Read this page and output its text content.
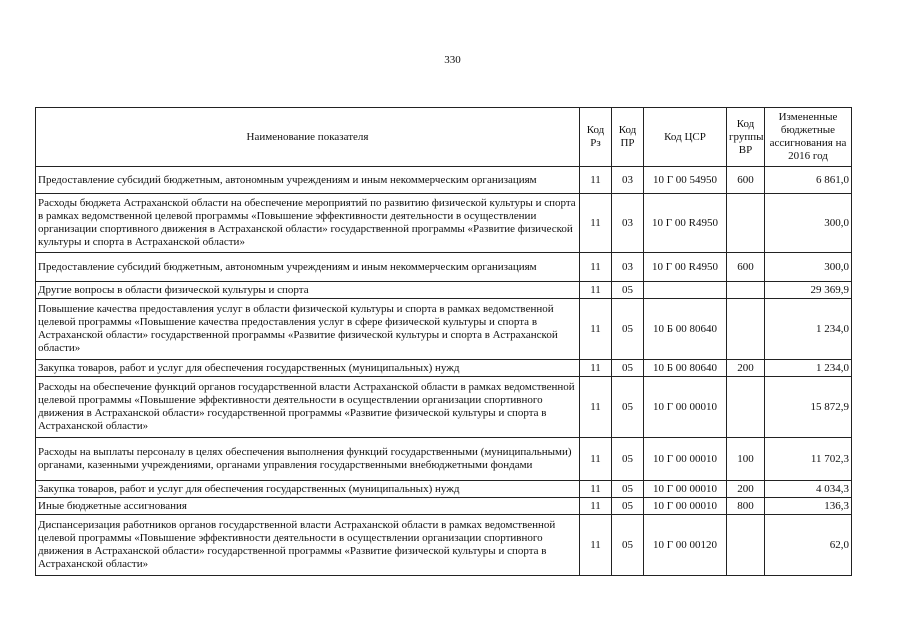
330
Наименование показателя	Код Рз	Код ПР	Код ЦСР	Код группы ВР	Измененные бюджетные ассигнования на 2016 год
Предоставление субсидий бюджетным, автономным учреждениям и иным некоммерческим организациям	11	03	10 Г 00 54950	600	6 861,0
Расходы бюджета Астраханской области на обеспечение мероприятий по развитию физической культуры и спорта в рамках ведомственной целевой программы «Повышение эффективности деятельности в осуществлении организации спортивного движения в Астраханской области» государственной программы «Развитие физической культуры и спорта в Астраханской области»	11	03	10 Г 00 R4950		300,0
Предоставление субсидий бюджетным, автономным учреждениям и иным некоммерческим организациям	11	03	10 Г 00 R4950	600	300,0
Другие вопросы в области физической культуры и спорта	11	05			29 369,9
Повышение качества предоставления услуг в области физической культуры и спорта в рамках ведомственной целевой программы «Повышение качества предоставления услуг в сфере физической культуры и спорта в Астраханской области» государственной программы «Развитие физической культуры и спорта в Астраханской области»	11	05	10 Б 00 80640		1 234,0
Закупка товаров, работ и услуг для обеспечения государственных (муниципальных) нужд	11	05	10 Б 00 80640	200	1 234,0
Расходы на обеспечение функций органов государственной власти Астраханской области в рамках ведомственной целевой программы «Повышение эффективности деятельности в осуществлении организации спортивного движения в Астраханской области» государственной программы «Развитие физической культуры и спорта в Астраханской области»	11	05	10 Г 00 00010		15 872,9
Расходы на выплаты персоналу в целях обеспечения выполнения функций государственными (муниципальными) органами, казенными учреждениями, органами управления государственными внебюджетными фондами	11	05	10 Г 00 00010	100	11 702,3
Закупка товаров, работ и услуг для обеспечения государственных (муниципальных) нужд	11	05	10 Г 00 00010	200	4 034,3
Иные бюджетные ассигнования	11	05	10 Г 00 00010	800	136,3
Диспансеризация работников органов государственной власти Астраханской области в рамках ведомственной целевой программы «Повышение эффективности деятельности в осуществлении организации спортивного движения в Астраханской области» государственной программы «Развитие физической культуры и спорта в Астраханской области»	11	05	10 Г 00 00120		62,0
